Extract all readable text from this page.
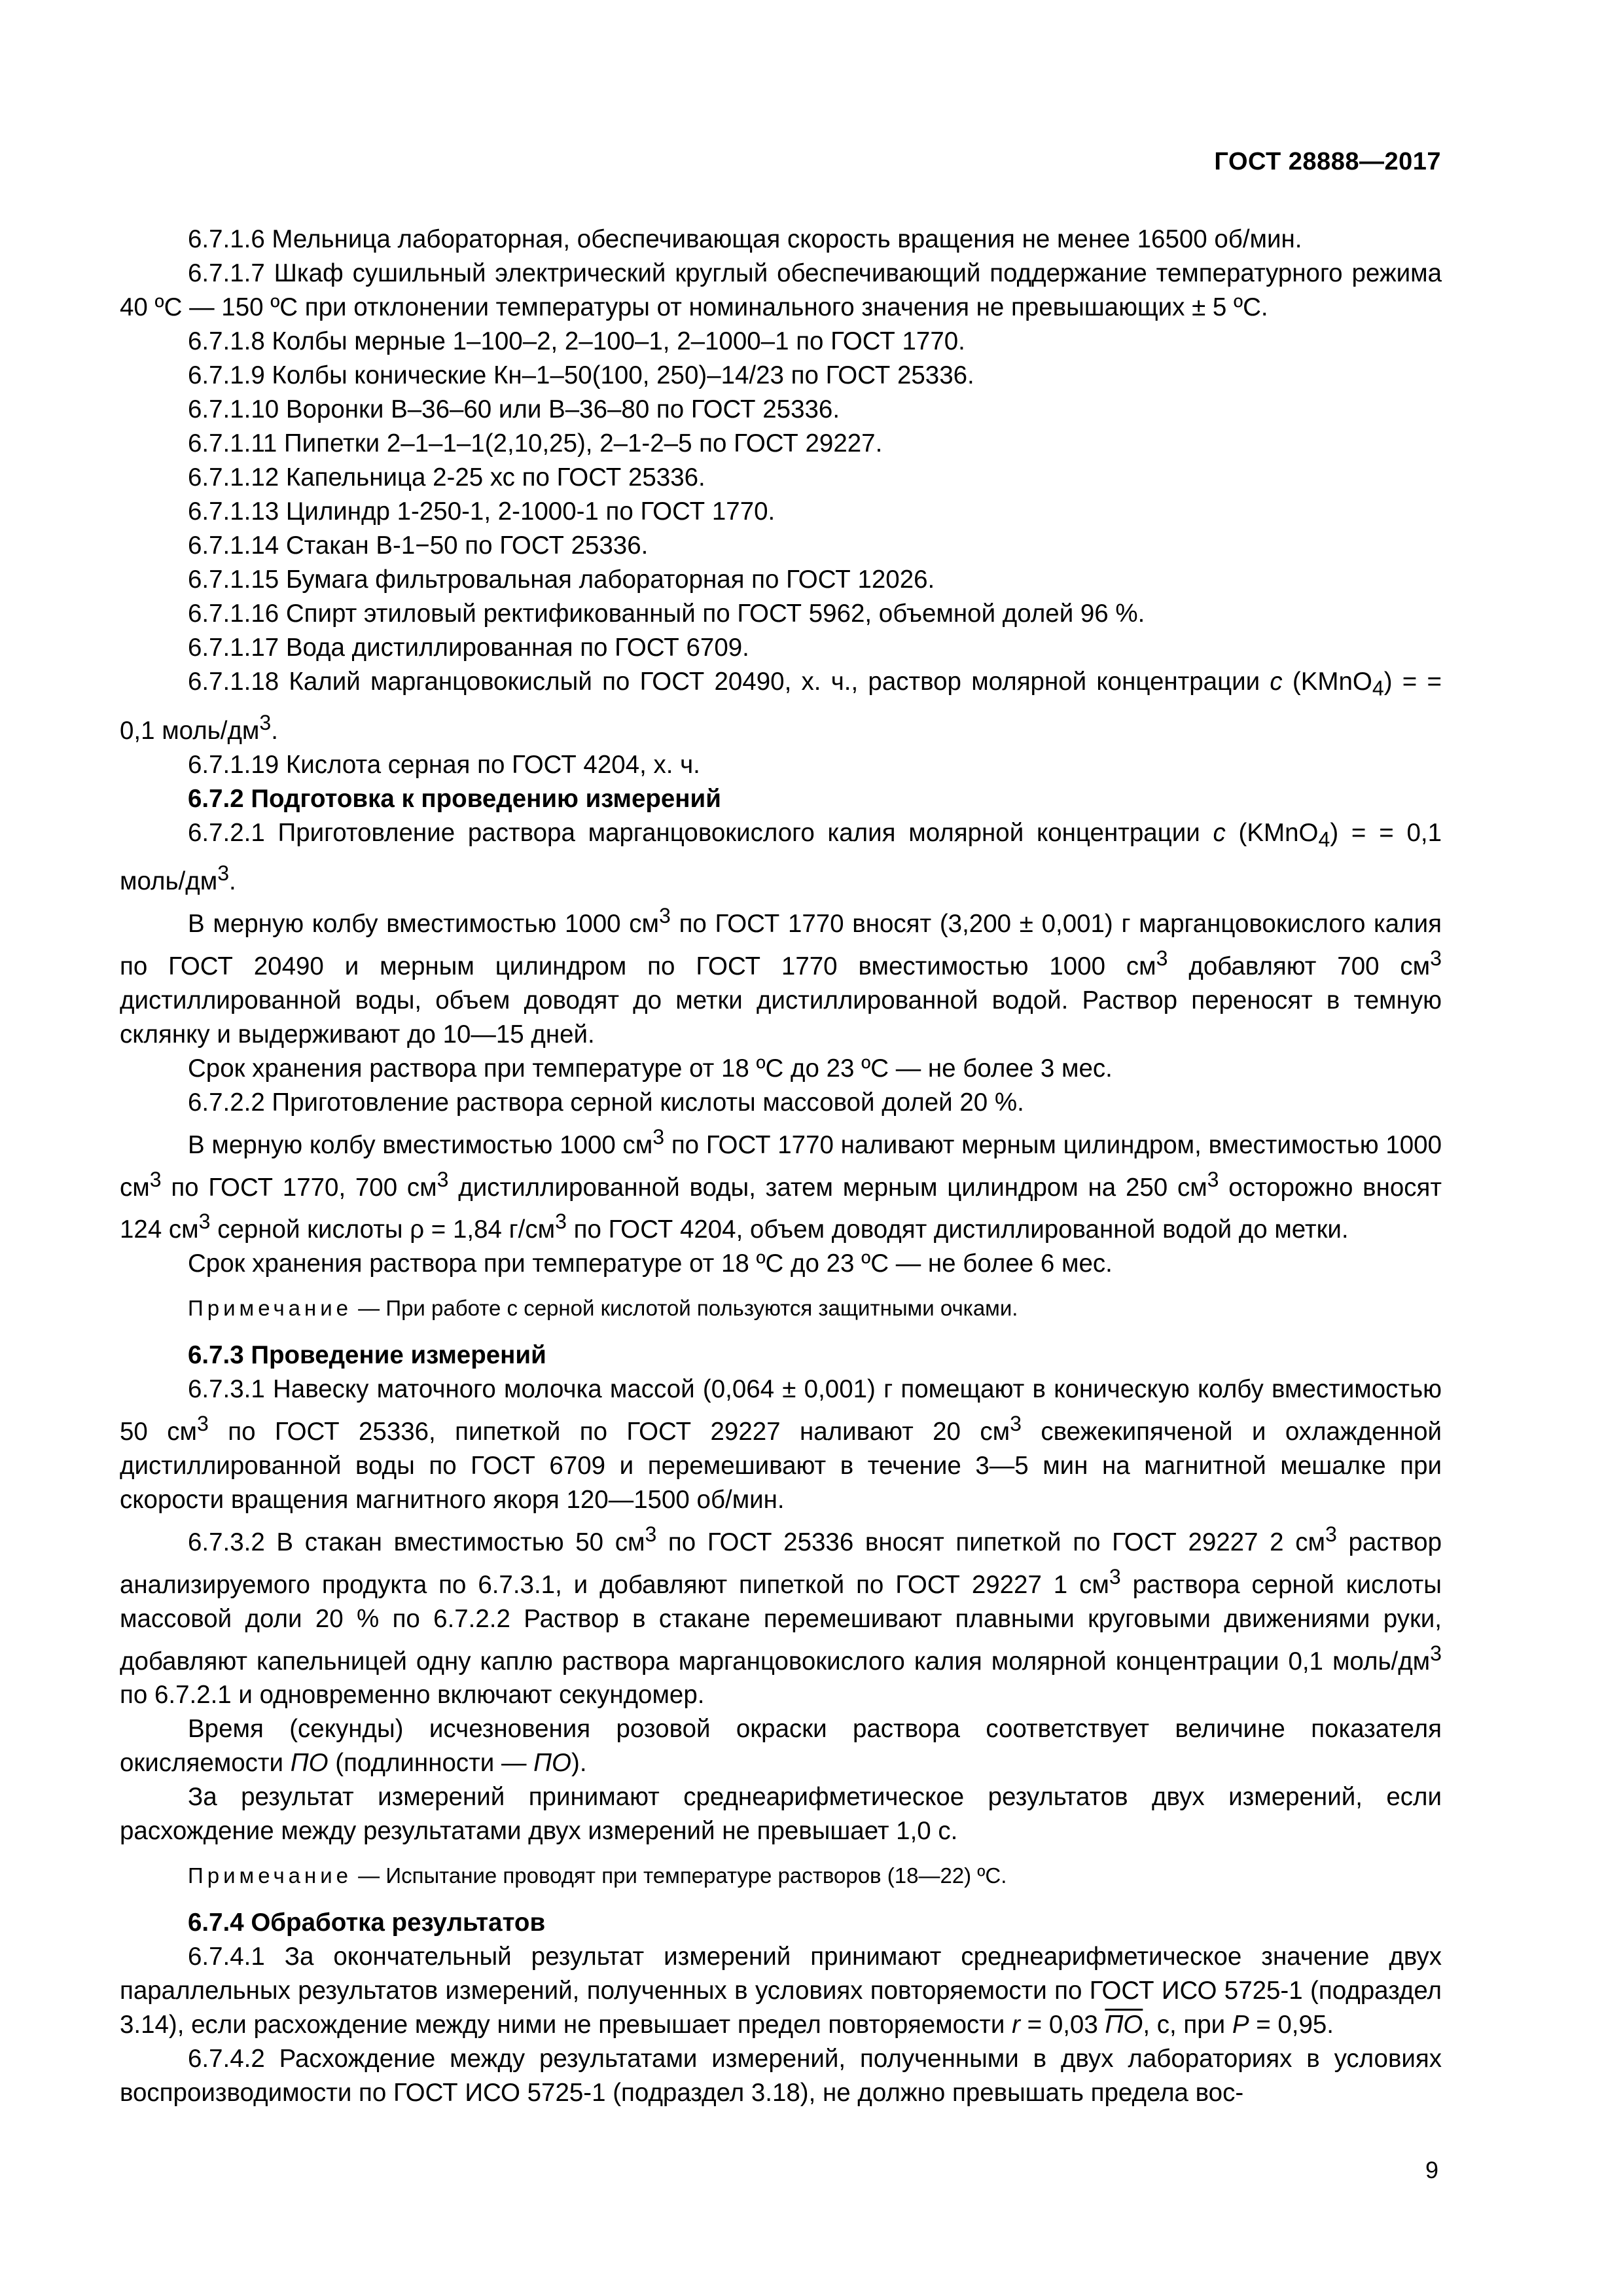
ГОСТ 28888—2017

6.7.1.6 Мельница лабораторная, обеспечивающая скорость вращения не менее 16500 об/мин.

6.7.1.7 Шкаф сушильный электрический круглый обеспечивающий поддержание температурного режима 40 ºС — 150 ºС при отклонении температуры от номинального значения не превышающих ± 5 ºС.

6.7.1.8 Колбы мерные 1–100–2, 2–100–1, 2–1000–1 по ГОСТ 1770.

6.7.1.9 Колбы конические Кн–1–50(100, 250)–14/23 по ГОСТ 25336.

6.7.1.10 Воронки В–36–60 или В–36–80 по ГОСТ 25336.

6.7.1.11 Пипетки 2–1–1–1(2,10,25), 2–1-2–5 по ГОСТ 29227.

6.7.1.12 Капельница 2-25 хс по ГОСТ 25336.

6.7.1.13 Цилиндр 1-250-1, 2-1000-1 по ГОСТ 1770.

6.7.1.14 Стакан В-1−50 по ГОСТ 25336.

6.7.1.15 Бумага фильтровальная лабораторная по ГОСТ 12026.

6.7.1.16 Спирт этиловый ректификованный по ГОСТ 5962, объемной долей 96 %.

6.7.1.17 Вода дистиллированная по ГОСТ 6709.

6.7.1.18 Калий марганцовокислый по ГОСТ 20490, х. ч., раствор молярной концентрации с (KMnO$_4$) = = 0,1 моль/$дм^3$.

6.7.1.19 Кислота серная по ГОСТ 4204, х. ч.

6.7.2 Подготовка к проведению измерений

6.7.2.1 Приготовление раствора марганцовокислого калия молярной концентрации с (KMnO$_4$) = = 0,1 моль/$дм^3$.

В мерную колбу вместимостью 1000 $см^3$ по ГОСТ 1770 вносят (3,200 ± 0,001) г марганцовокислого калия по ГОСТ 20490 и мерным цилиндром по ГОСТ 1770 вместимостью 1000 $см^3$ добавляют 700 $см^3$ дистиллированной воды, объем доводят до метки дистиллированной водой. Раствор переносят в темную склянку и выдерживают до 10—15 дней.

Срок хранения раствора при температуре от 18 ºС до 23 ºС — не более 3 мес.

6.7.2.2 Приготовление раствора серной кислоты массовой долей 20 %.

В мерную колбу вместимостью 1000 $см^3$ по ГОСТ 1770 наливают мерным цилиндром, вместимостью 1000 $см^3$ по ГОСТ 1770, 700 $см^3$ дистиллированной воды, затем мерным цилиндром на 250 $см^3$ осторожно вносят 124 $см^3$ серной кислоты ρ = 1,84 $г/см^3$ по ГОСТ 4204, объем доводят дистиллированной водой до метки.

Срок хранения раствора при температуре от 18 ºС до 23 ºС — не более 6 мес.

Примечание — При работе с серной кислотой пользуются защитными очками.

6.7.3 Проведение измерений

6.7.3.1 Навеску маточного молочка массой (0,064 ± 0,001) г помещают в коническую колбу вместимостью 50 $см^3$ по ГОСТ 25336, пипеткой по ГОСТ 29227 наливают 20 $см^3$ свежекипяченой и охлажденной дистиллированной воды по ГОСТ 6709 и перемешивают в течение 3—5 мин на магнитной мешалке при скорости вращения магнитного якоря 120—1500 об/мин.

6.7.3.2 В стакан вместимостью 50 $см^3$ по ГОСТ 25336 вносят пипеткой по ГОСТ 29227 2 $см^3$ раствор анализируемого продукта по 6.7.3.1, и добавляют пипеткой по ГОСТ 29227 1 $см^3$ раствора серной кислоты массовой доли 20 % по 6.7.2.2 Раствор в стакане перемешивают плавными круговыми движениями руки, добавляют капельницей одну каплю раствора марганцовокислого калия молярной концентрации 0,1 моль/$дм^3$ по 6.7.2.1 и одновременно включают секундомер.

Время (секунды) исчезновения розовой окраски раствора соответствует величине показателя окисляемости ПО (подлинности — ПО).

За результат измерений принимают среднеарифметическое результатов двух измерений, если расхождение между результатами двух измерений не превышает 1,0 с.

Примечание — Испытание проводят при температуре растворов (18—22) ºС.

6.7.4 Обработка результатов

6.7.4.1 За окончательный результат измерений принимают среднеарифметическое значение двух параллельных результатов измерений, полученных в условиях повторяемости по ГОСТ ИСО 5725-1 (подраздел 3.14), если расхождение между ними не превышает предел повторяемости r = 0,03 ПО, с, при Р = 0,95.

6.7.4.2 Расхождение между результатами измерений, полученными в двух лабораториях в условиях воспроизводимости по ГОСТ ИСО 5725-1 (подраздел 3.18), не должно превышать предела вос-

9
